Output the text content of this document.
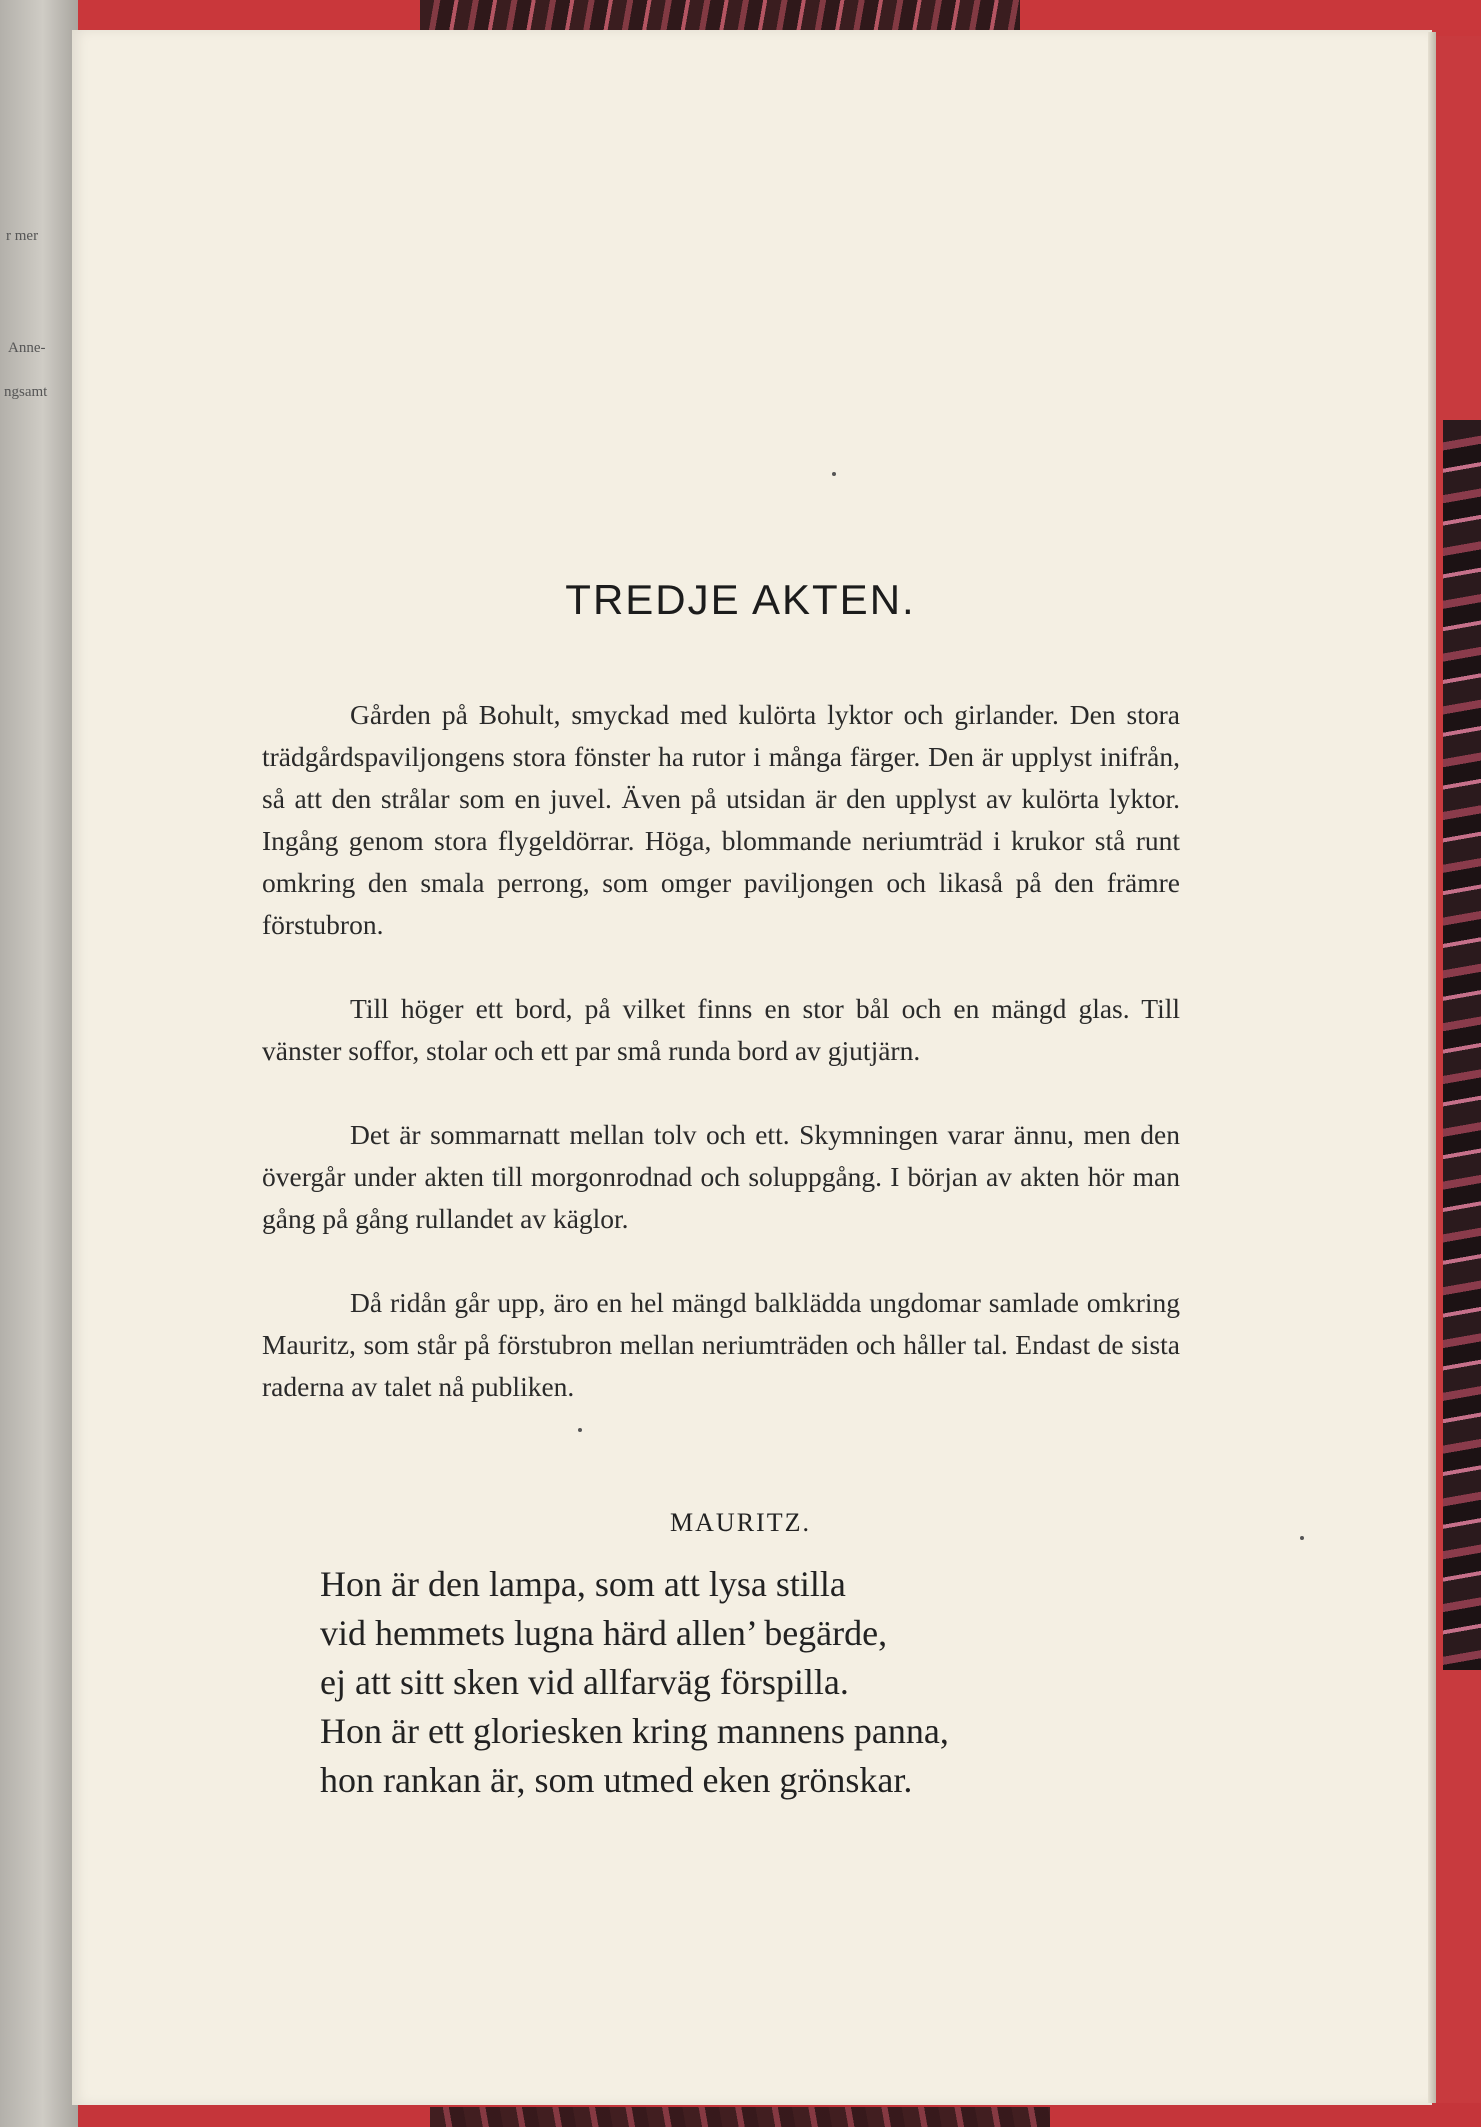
r mer
Anne-
ngsamt
TREDJE AKTEN.

Gården på Bohult, smyckad med kulörta lyktor och girlander. Den stora trädgårdspaviljongens stora fönster ha rutor i många färger. Den är upplyst inifrån, så att den strålar som en juvel. Även på utsidan är den upplyst av kulörta lyktor. Ingång genom stora flygeldörrar. Höga, blommande neriumträd i krukor stå runt omkring den smala perrong, som omger paviljongen och likaså på den främre förstubron.

Till höger ett bord, på vilket finns en stor bål och en mängd glas. Till vänster soffor, stolar och ett par små runda bord av gjutjärn.

Det är sommarnatt mellan tolv och ett. Skymningen varar ännu, men den övergår under akten till morgonrodnad och soluppgång. I början av akten hör man gång på gång rullandet av käglor.

Då ridån går upp, äro en hel mängd balklädda ungdomar samlade omkring Mauritz, som står på förstubron mellan neriumträden och håller tal. Endast de sista raderna av talet nå publiken.

MAURITZ.
Hon är den lampa, som att lysa stilla
vid hemmets lugna härd allen’ begärde,
ej att sitt sken vid allfarväg förspilla.
Hon är ett gloriesken kring mannens panna,
hon rankan är, som utmed eken grönskar.
